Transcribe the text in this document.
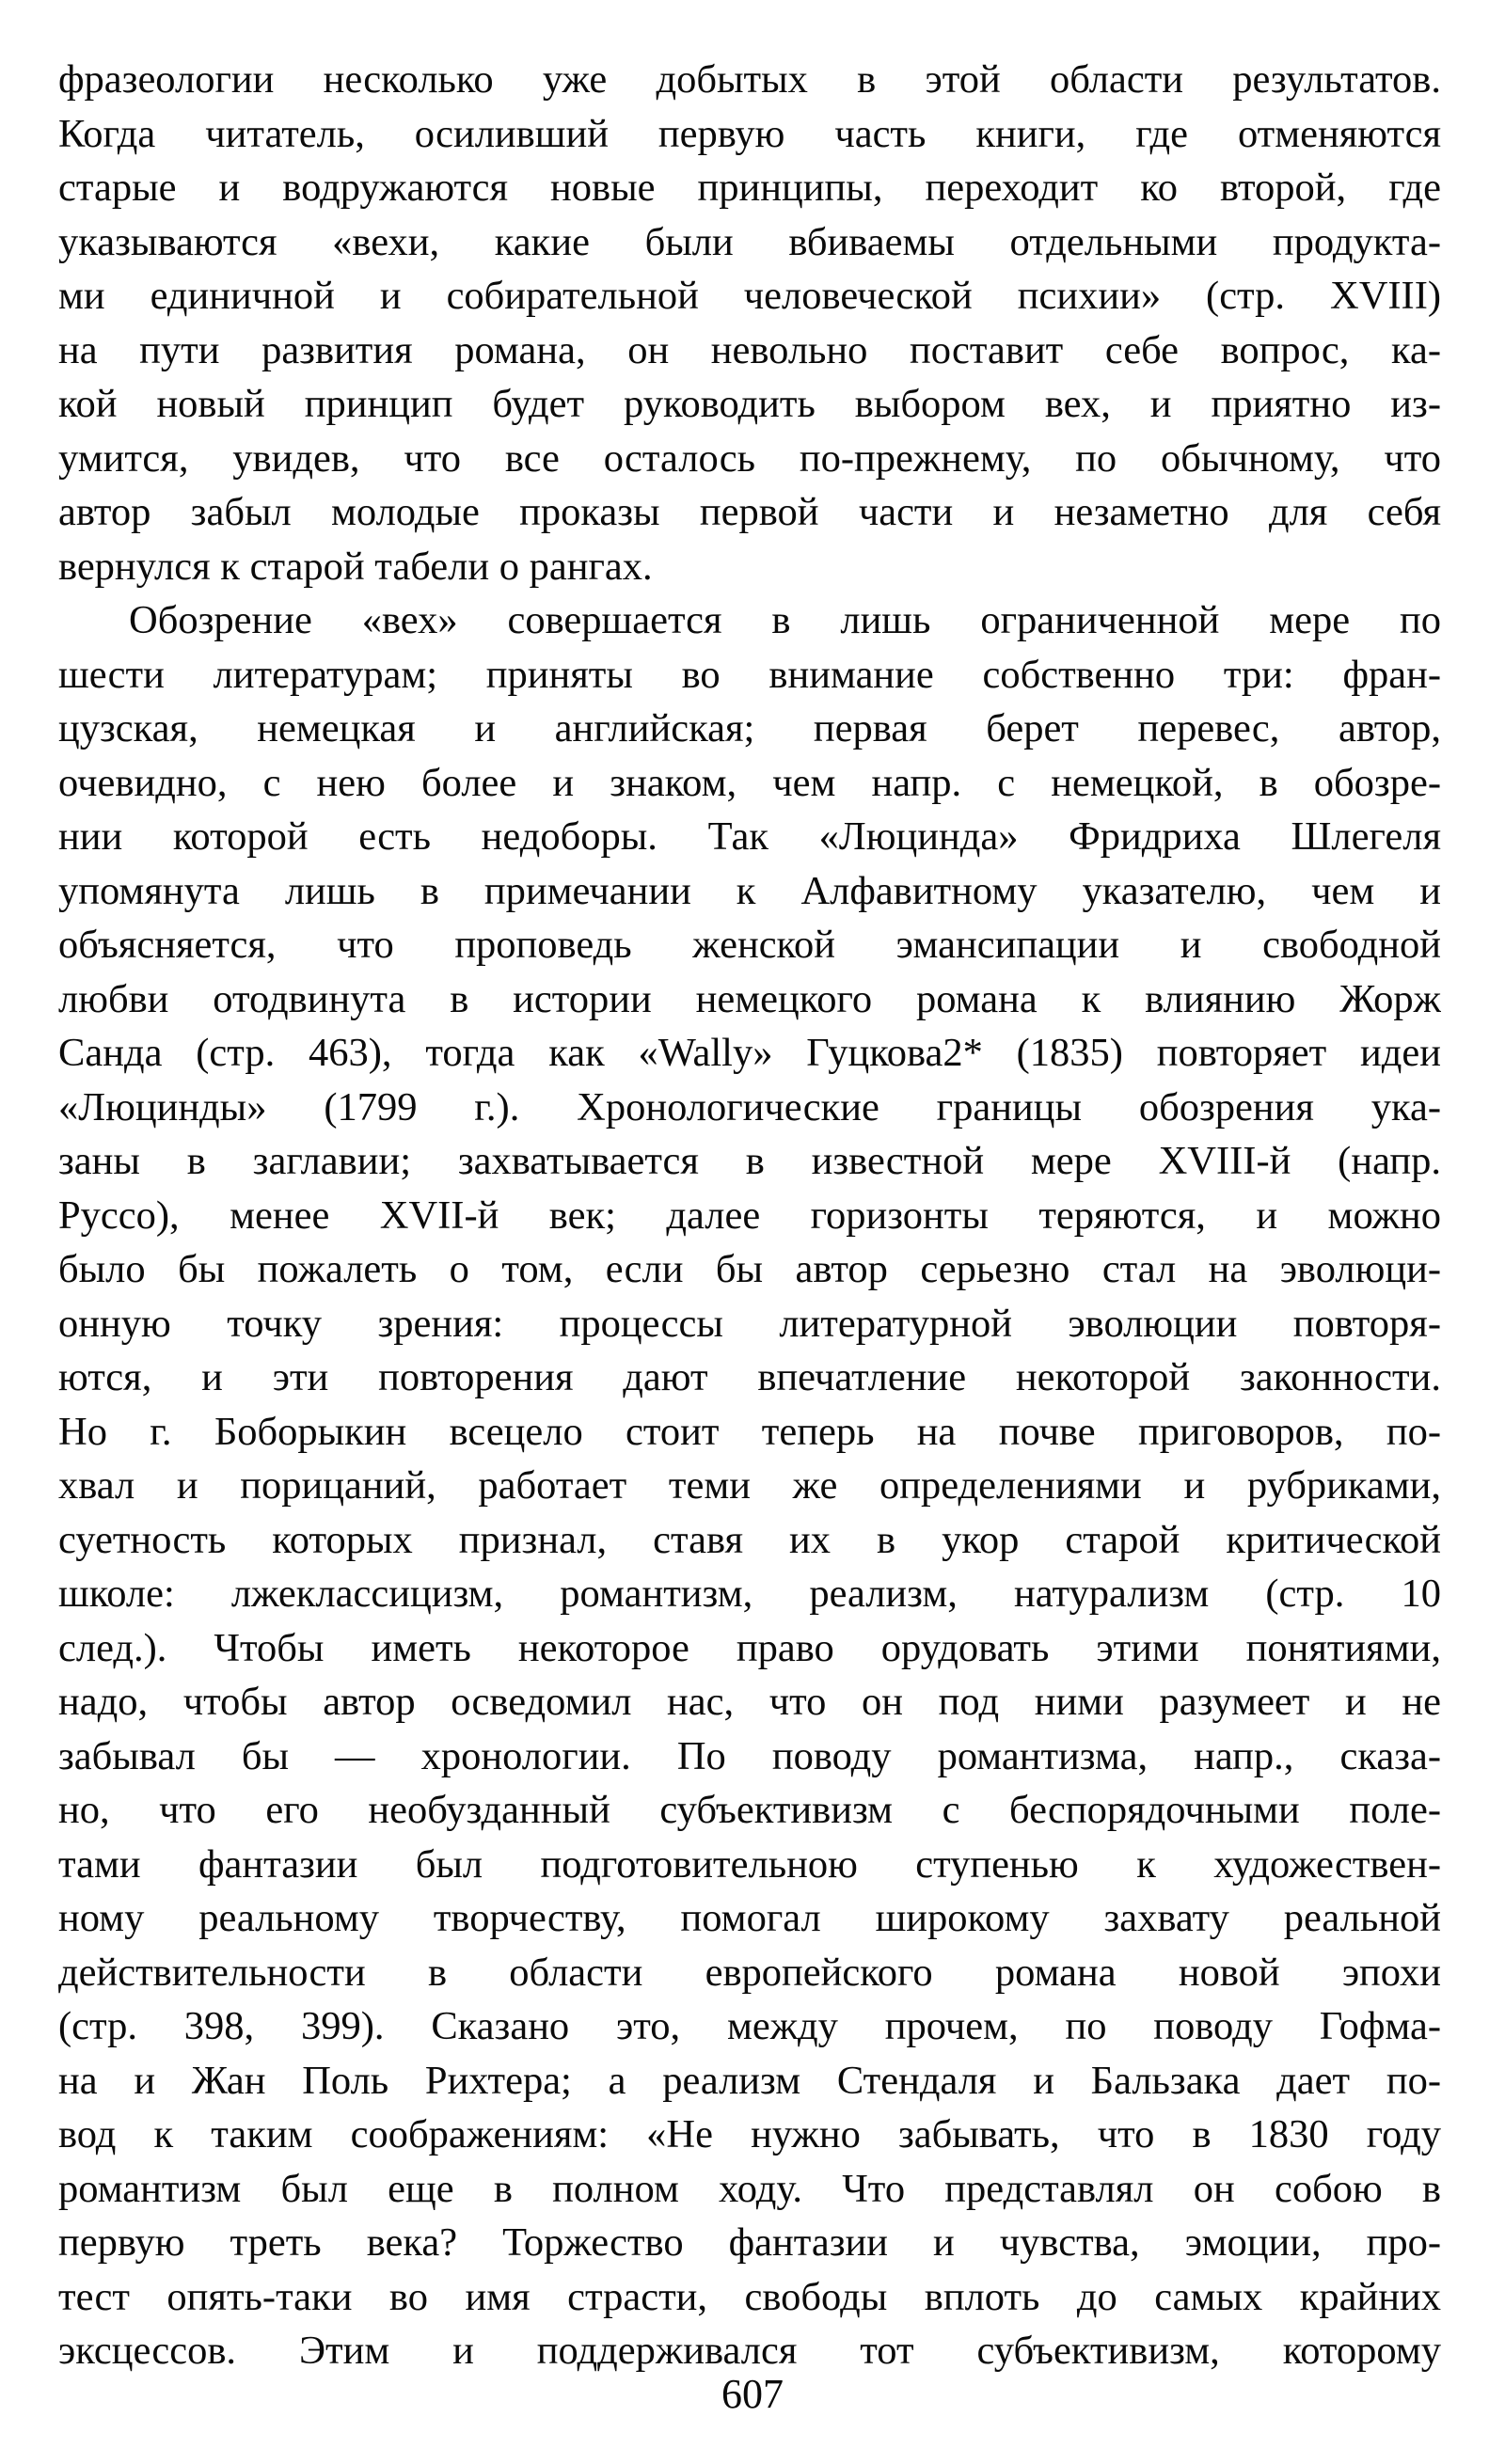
фразеологии несколько уже добытых в этой области результатов.
Когда читатель, осиливший первую часть книги, где отменяются
старые и водружаются новые принципы, переходит ко второй, где
указываются «вехи, какие были вбиваемы отдельными продукта-
ми единичной и собирательной человеческой психии» (стр. XVIII)
на пути развития романа, он невольно поставит себе вопрос, ка-
кой новый принцип будет руководить выбором вех, и приятно из-
умится, увидев, что все осталось по-прежнему, по обычному, что
автор забыл молодые проказы первой части и незаметно для себя
вернулся к старой табели о рангах.
Обозрение «вех» совершается в лишь ограниченной мере по
шести литературам; приняты во внимание собственно три: фран-
цузская, немецкая и английская; первая берет перевес, автор,
очевидно, с нею более и знаком, чем напр. с немецкой, в обозре-
нии которой есть недоборы. Так «Люцинда» Фридриха Шлегеля
упомянута лишь в примечании к Алфавитному указателю, чем и
объясняется, что проповедь женской эмансипации и свободной
любви отодвинута в истории немецкого романа к влиянию Жорж
Санда (стр. 463), тогда как «Wally» Гуцкова2* (1835) повторяет идеи
«Люцинды» (1799 г.). Хронологические границы обозрения ука-
заны в заглавии; захватывается в известной мере XVIII-й (напр.
Руссо), менее XVII-й век; далее горизонты теряются, и можно
было бы пожалеть о том, если бы автор серьезно стал на эволюци-
онную точку зрения: процессы литературной эволюции повторя-
ются, и эти повторения дают впечатление некоторой законности.
Но г. Боборыкин всецело стоит теперь на почве приговоров, по-
хвал и порицаний, работает теми же определениями и рубриками,
суетность которых признал, ставя их в укор старой критической
школе: лжеклассицизм, романтизм, реализм, натурализм (стр. 10
след.). Чтобы иметь некоторое право орудовать этими понятиями,
надо, чтобы автор осведомил нас, что он под ними разумеет и не
забывал бы — хронологии. По поводу романтизма, напр., сказа-
но, что его необузданный субъективизм с беспорядочными поле-
тами фантазии был подготовительною ступенью к художествен-
ному реальному творчеству, помогал широкому захвату реальной
действительности в области европейского романа новой эпохи
(стр. 398, 399). Сказано это, между прочем, по поводу Гофма-
на и Жан Поль Рихтера; а реализм Стендаля и Бальзака дает по-
вод к таким соображениям: «Не нужно забывать, что в 1830 году
романтизм был еще в полном ходу. Что представлял он собою в
первую треть века? Торжество фантазии и чувства, эмоции, про-
тест опять-таки во имя страсти, свободы вплоть до самых крайних
эксцессов. Этим и поддерживался тот субъективизм, которому
607
